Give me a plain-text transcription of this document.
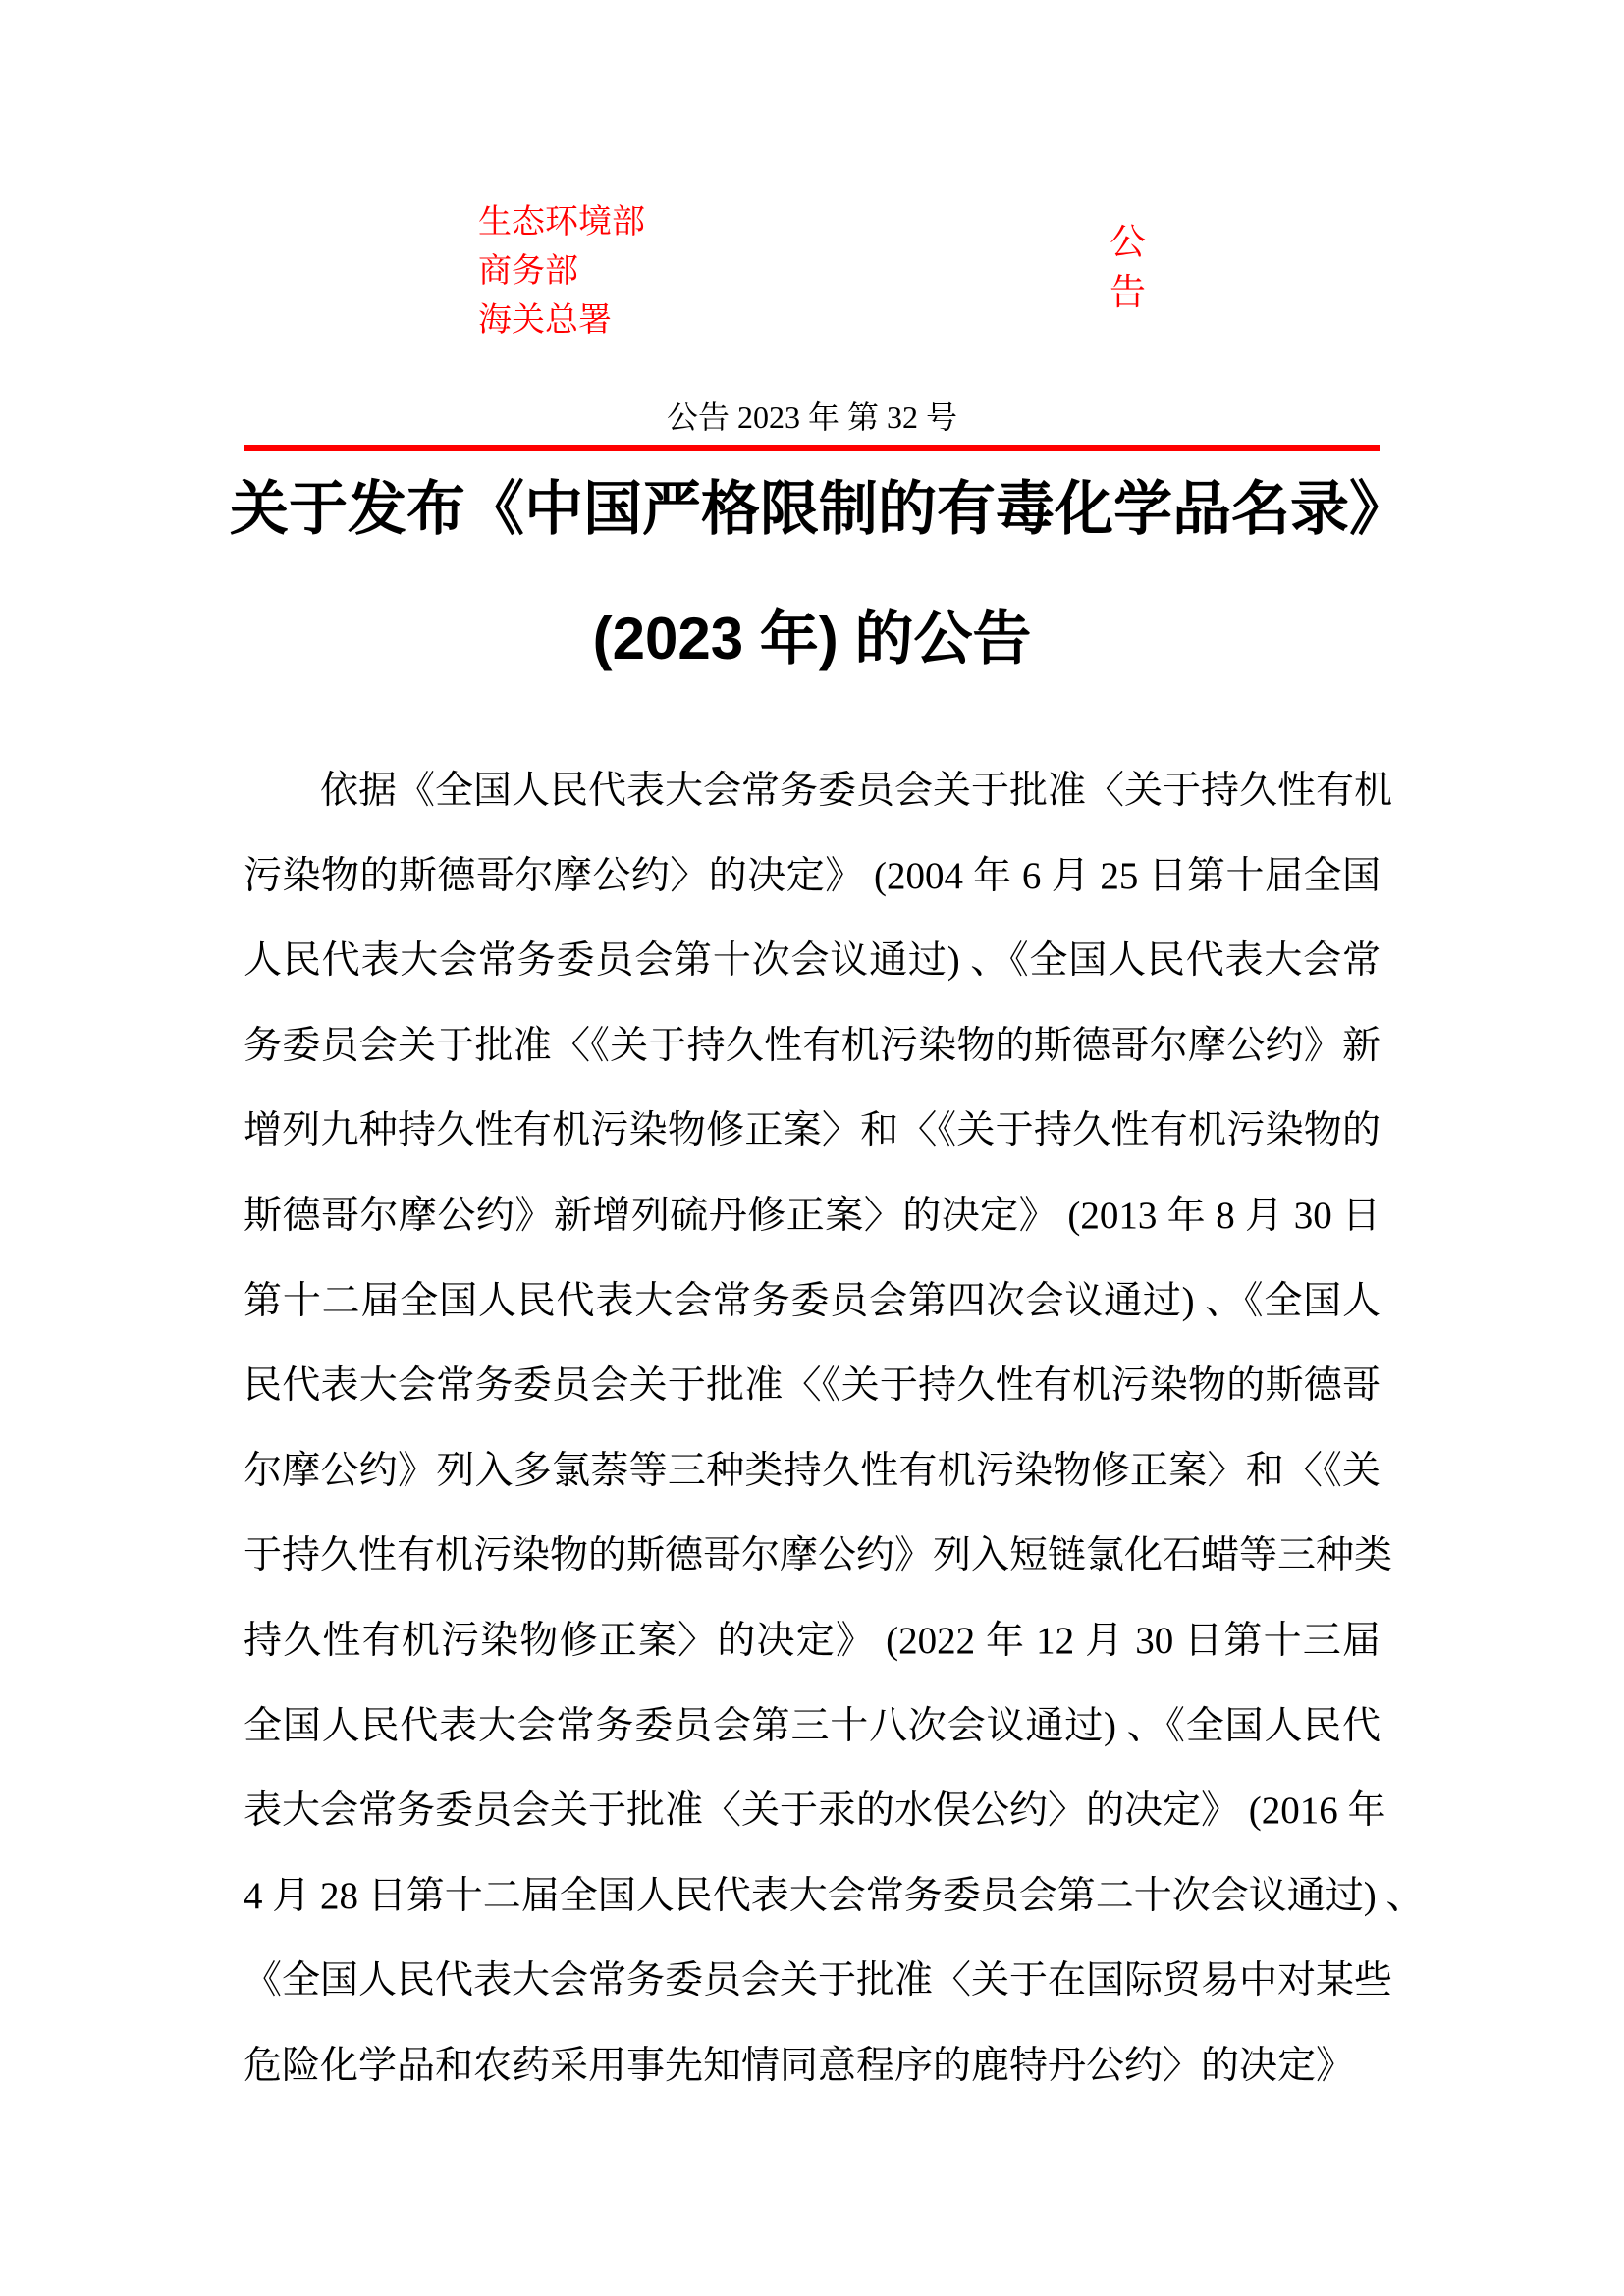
生态环境部
商务部
海关总署
公
告
公告 2023 年 第 32 号
关于发布《中国严格限制的有毒化学品名录》
(2023 年) 的公告
依据《全国人民代表大会常务委员会关于批准〈关于持久性有机
污染物的斯德哥尔摩公约〉的决定》 (2004 年 6 月 25 日第十届全国
人民代表大会常务委员会第十次会议通过) 、《全国人民代表大会常
务委员会关于批准〈《关于持久性有机污染物的斯德哥尔摩公约》新
增列九种持久性有机污染物修正案〉和〈《关于持久性有机污染物的
斯德哥尔摩公约》新增列硫丹修正案〉的决定》 (2013 年 8 月 30 日
第十二届全国人民代表大会常务委员会第四次会议通过) 、《全国人
民代表大会常务委员会关于批准〈《关于持久性有机污染物的斯德哥
尔摩公约》列入多氯萘等三种类持久性有机污染物修正案〉和〈《关
于持久性有机污染物的斯德哥尔摩公约》列入短链氯化石蜡等三种类
持久性有机污染物修正案〉的决定》 (2022 年 12 月 30 日第十三届
全国人民代表大会常务委员会第三十八次会议通过) 、《全国人民代
表大会常务委员会关于批准〈关于汞的水俣公约〉的决定》 (2016 年
4 月 28 日第十二届全国人民代表大会常务委员会第二十次会议通过) 、
《全国人民代表大会常务委员会关于批准〈关于在国际贸易中对某些
危险化学品和农药采用事先知情同意程序的鹿特丹公约〉的决定》
